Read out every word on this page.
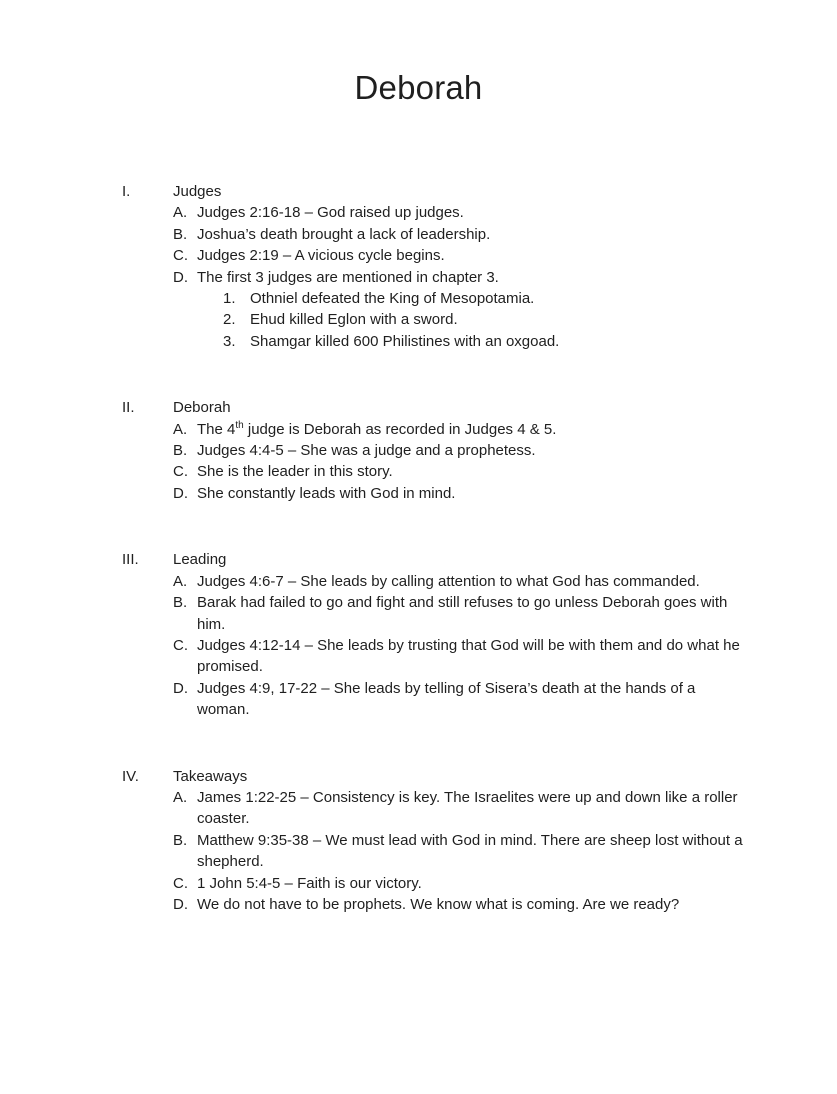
Deborah
I.	Judges
A. Judges 2:16-18 – God raised up judges.
B. Joshua’s death brought a lack of leadership.
C. Judges 2:19 – A vicious cycle begins.
D. The first 3 judges are mentioned in chapter 3.
1. Othniel defeated the King of Mesopotamia.
2. Ehud killed Eglon with a sword.
3. Shamgar killed 600 Philistines with an oxgoad.
II.	Deborah
A. The 4th judge is Deborah as recorded in Judges 4 & 5.
B. Judges 4:4-5 – She was a judge and a prophetess.
C. She is the leader in this story.
D. She constantly leads with God in mind.
III.	Leading
A. Judges 4:6-7 – She leads by calling attention to what God has commanded.
B. Barak had failed to go and fight and still refuses to go unless Deborah goes with him.
C. Judges 4:12-14 – She leads by trusting that God will be with them and do what he promised.
D. Judges 4:9, 17-22 – She leads by telling of Sisera’s death at the hands of a woman.
IV.	Takeaways
A. James 1:22-25 – Consistency is key. The Israelites were up and down like a roller coaster.
B. Matthew 9:35-38 – We must lead with God in mind. There are sheep lost without a shepherd.
C. 1 John 5:4-5 – Faith is our victory.
D. We do not have to be prophets. We know what is coming. Are we ready?
